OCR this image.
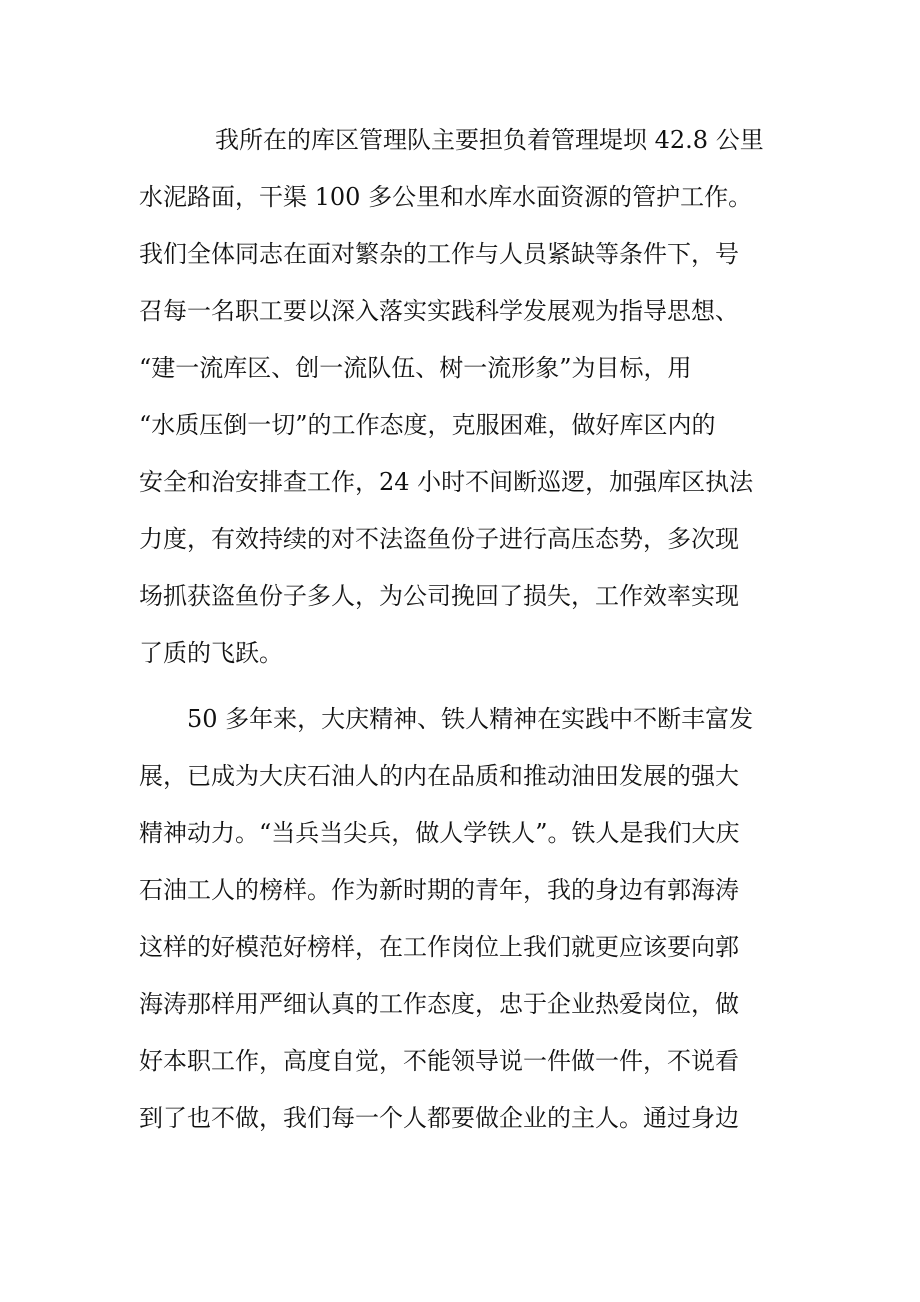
我所在的库区管理队主要担负着管理堤坝 42.8 公里
水泥路面，干渠 100 多公里和水库水面资源的管护工作。
我们全体同志在面对繁杂的工作与人员紧缺等条件下，号
召每一名职工要以深入落实实践科学发展观为指导思想、
“建一流库区、创一流队伍、树一流形象”为目标，用
“水质压倒一切”的工作态度，克服困难，做好库区内的
安全和治安排查工作，24 小时不间断巡逻，加强库区执法
力度，有效持续的对不法盗鱼份子进行高压态势，多次现
场抓获盗鱼份子多人，为公司挽回了损失，工作效率实现
了质的飞跃。
50 多年来，大庆精神、铁人精神在实践中不断丰富发
展，已成为大庆石油人的内在品质和推动油田发展的强大
精神动力。“当兵当尖兵，做人学铁人”。铁人是我们大庆
石油工人的榜样。作为新时期的青年，我的身边有郭海涛
这样的好模范好榜样，在工作岗位上我们就更应该要向郭
海涛那样用严细认真的工作态度，忠于企业热爱岗位，做
好本职工作，高度自觉，不能领导说一件做一件，不说看
到了也不做，我们每一个人都要做企业的主人。通过身边
